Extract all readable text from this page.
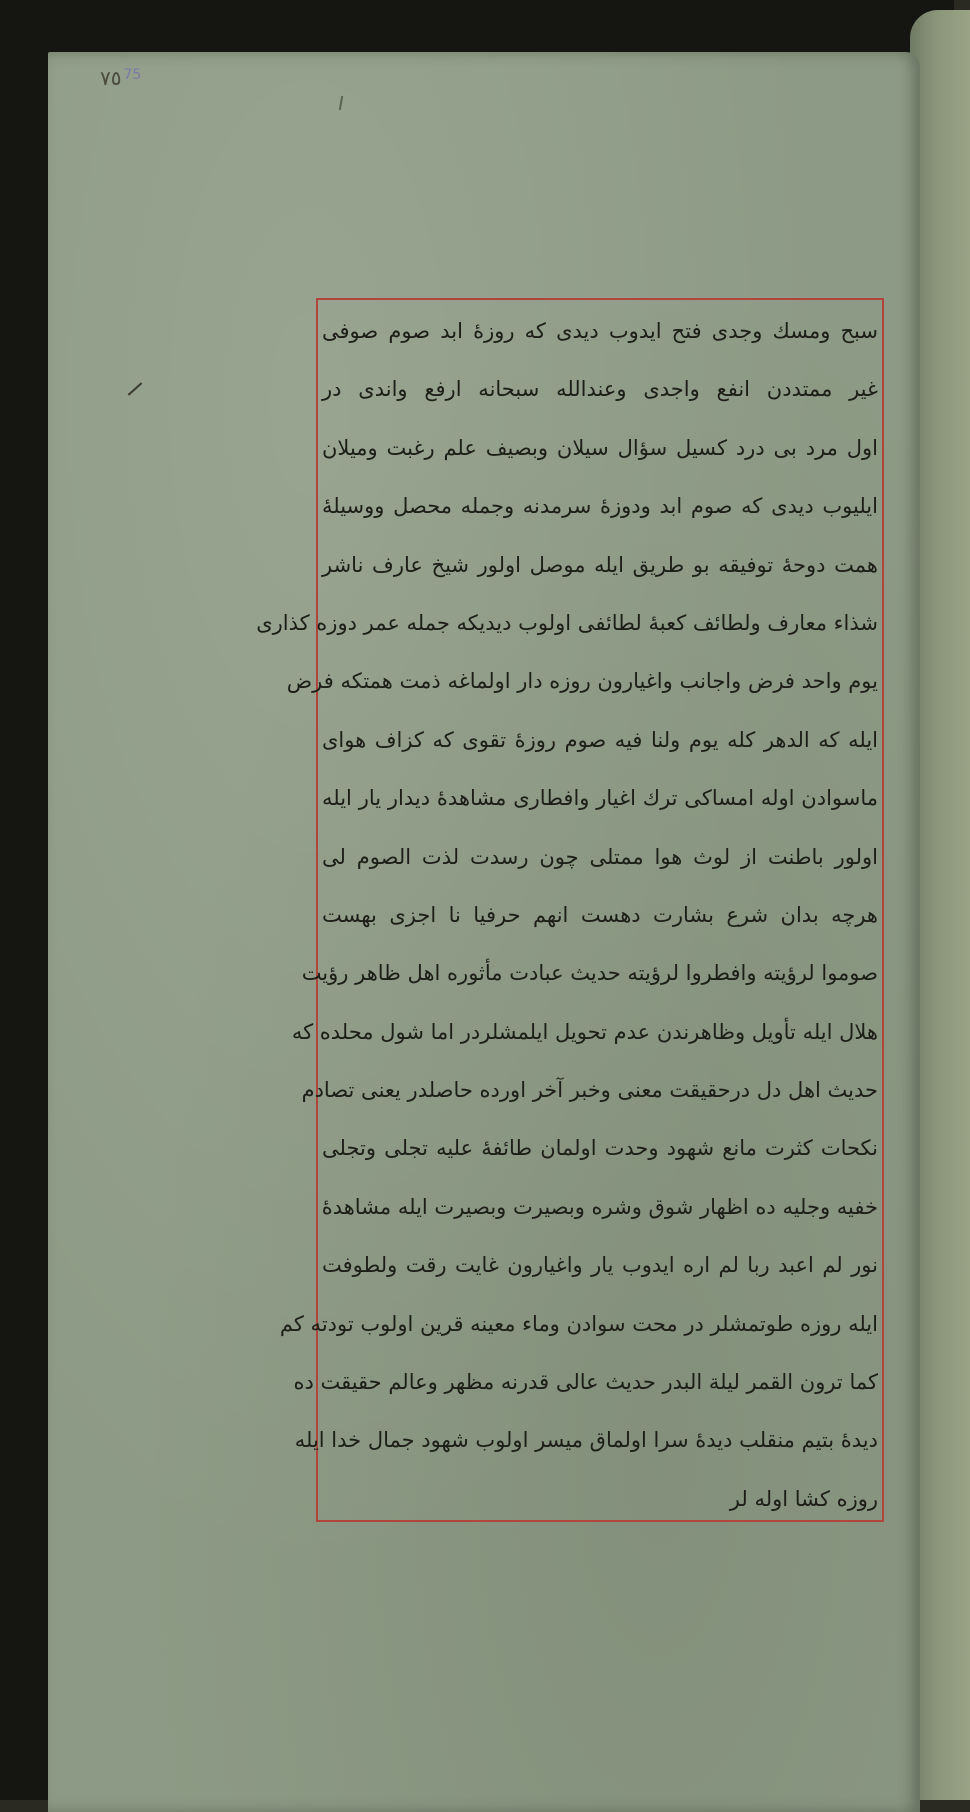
٧٥ $^{75}$
سبح ومسك وجدى فتح ايدوب ديدى كه روزهٔ ابد صوم صوفی
غير ممتددن انفع واجدى وعندالله سبحانه ارفع واندى در
اول مرد بى درد كسيل سؤال سيلان وبصيف علم رغبت وميلان
ايليوب ديدى كه صوم ابد ودوزهٔ سرمدنه وجمله محصل ووسيلهٔ
همت دوحهٔ توفيقه بو طريق ايله موصل اولور شيخ عارف ناشر
شذاء معارف ولطائف كعبهٔ لطائفى اولوب ديديكه جمله عمر دوزه كذارى
يوم واحد فرض واجانب واغيارون روزه دار اولماغه ذمت همتكه فرض
ايله كه الدهر كله يوم ولنا فيه صوم روزهٔ تقوى كه كزاف هواى
ماسوادن اوله امساكى ترك اغيار وافطارى مشاهدهٔ ديدار يار ايله
اولور باطنت از لوث هوا ممتلى چون رسدت لذت الصوم لى
هرچه بدان شرع بشارت دهست انهم حرفيا نا اجزى بهست
صوموا لرؤيته وافطروا لرؤيته حديث عبادت مأثوره اهل ظاهر رؤيت
هلال ايله تأويل وظاهرندن عدم تحويل ايلمشلردر اما شول محلده كه
حديث اهل دل درحقيقت معنى وخبر آخر اورده حاصلدر يعنى تصادم
نكحات كثرت مانع شهود وحدت اولمان طائفهٔ عليه تجلى وتجلى
خفيه وجليه ده اظهار شوق وشره وبصيرت وبصيرت ايله مشاهدهٔ
نور لم اعبد ربا لم اره ايدوب يار واغيارون غايت رقت ولطوفت
ايله روزه طوتمشلر در محت سوادن وماء معينه قرين اولوب تودته كم
كما ترون القمر ليلة البدر حديث عالى قدرنه مظهر وعالم حقيقت ده
ديدهٔ بتيم منقلب ديدهٔ سرا اولماق ميسر اولوب شهود جمال خدا ايله
روزه كشا اوله لر
